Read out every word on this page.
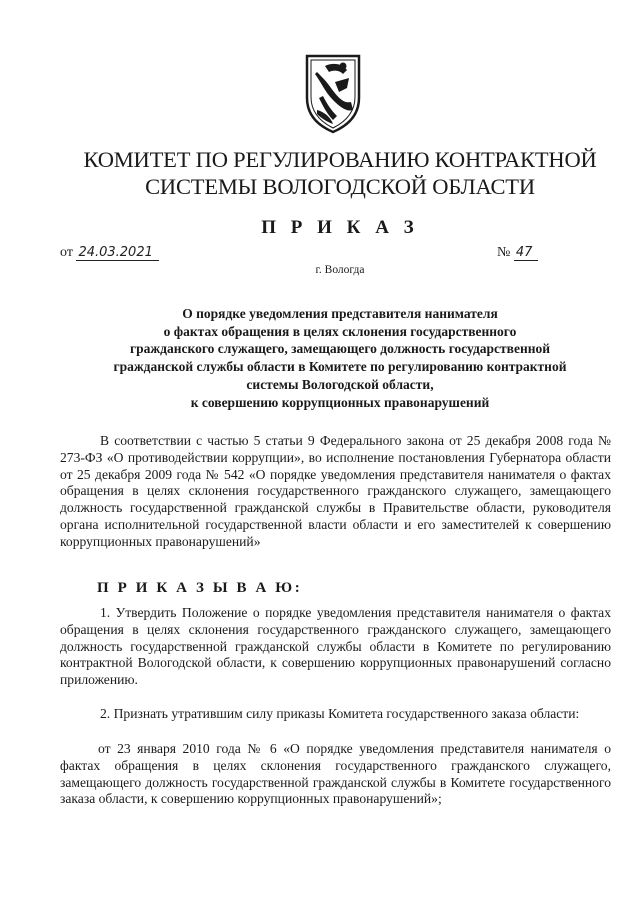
КОМИТЕТ ПО РЕГУЛИРОВАНИЮ КОНТРАКТНОЙ
СИСТЕМЫ ВОЛОГОДСКОЙ ОБЛАСТИ
П Р И К А З
от 24.03.2021	№ 47
г. Вологда
О порядке уведомления представителя нанимателя
о фактах обращения в целях склонения государственного
гражданского служащего, замещающего должность государственной
гражданской службы области в Комитете по регулированию контрактной
системы Вологодской области,
к совершению коррупционных правонарушений
В соответствии с частью 5 статьи 9 Федерального закона от 25 декабря 2008 года № 273-ФЗ «О противодействии коррупции», во исполнение постановления Губернатора области от 25 декабря 2009 года № 542 «О порядке уведомления представителя нанимателя о фактах обращения в целях склонения государственного гражданского служащего, замещающего должность государственной гражданской службы в Правительстве области, руководителя органа исполнительной государственной власти области и его заместителей к совершению коррупционных правонарушений»
П Р И К А З Ы В А Ю:
1. Утвердить Положение о порядке уведомления представителя нанимателя о фактах обращения в целях склонения государственного гражданского служащего, замещающего должность государственной гражданской службы области в Комитете по регулированию контрактной Вологодской области, к совершению коррупционных правонарушений согласно приложению.
2. Признать утратившим силу приказы Комитета государственного заказа области:
от 23 января 2010 года № 6 «О порядке уведомления представителя нанимателя о фактах обращения в целях склонения государственного гражданского служащего, замещающего должность государственной гражданской службы в Комитете государственного заказа области, к совершению коррупционных правонарушений»;
